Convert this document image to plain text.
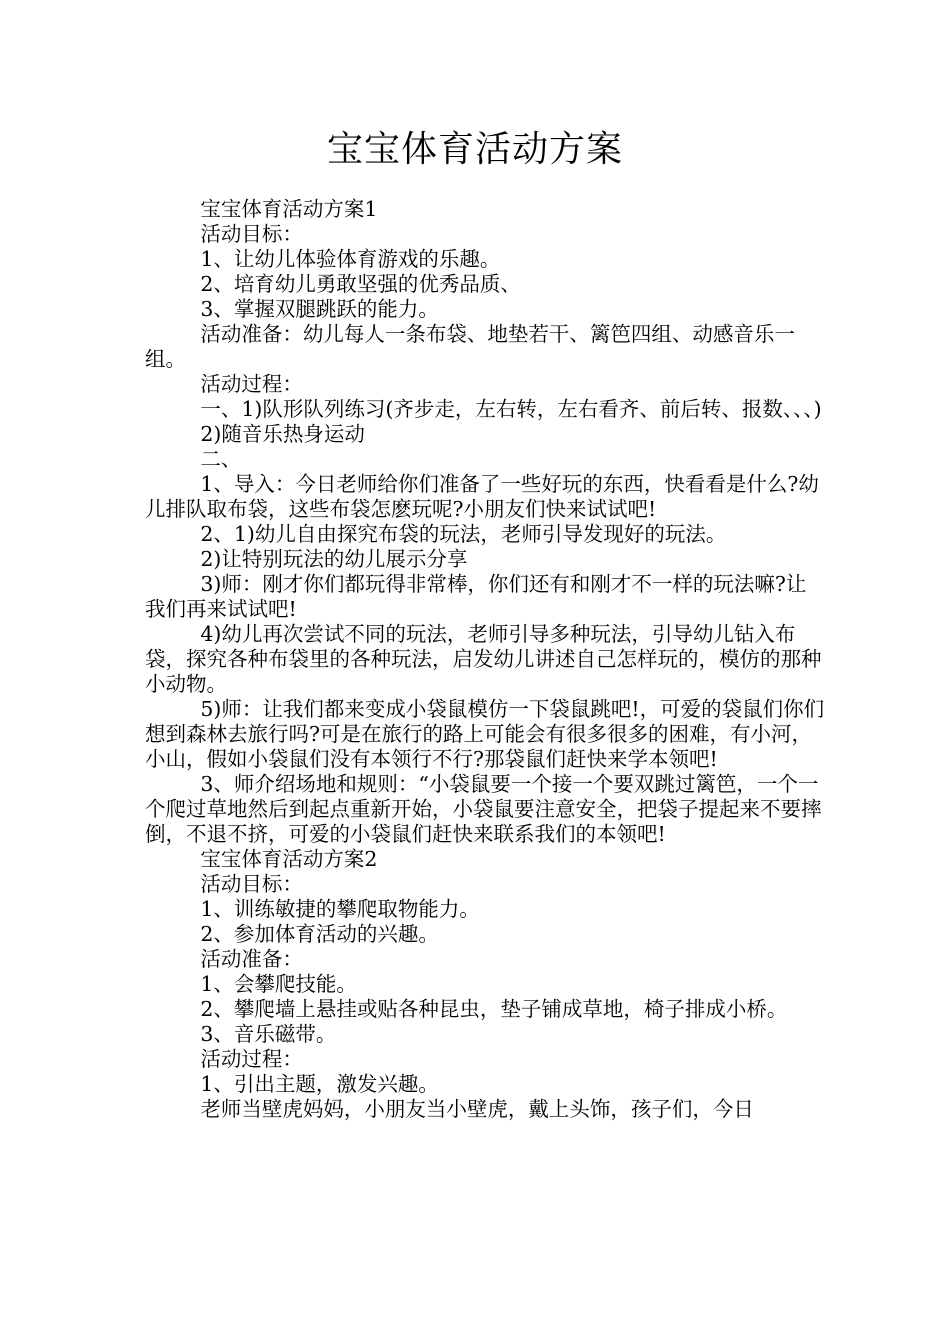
宝宝体育活动方案

宝宝体育活动方案1

活动目标：

1、让幼儿体验体育游戏的乐趣。

2、培育幼儿勇敢坚强的优秀品质、

3、掌握双腿跳跃的能力。

活动准备：幼儿每人一条布袋、地垫若干、篱笆四组、动感音乐一组。

活动过程：

一、1)队形队列练习(齐步走，左右转，左右看齐、前后转、报数、、、)

2)随音乐热身运动

二、

1、导入：今日老师给你们准备了一些好玩的东西，快看看是什么?幼儿排队取布袋，这些布袋怎麽玩呢?小朋友们快来试试吧!

2、1)幼儿自由探究布袋的玩法，老师引导发现好的玩法。

2)让特别玩法的幼儿展示分享

3)师：刚才你们都玩得非常棒，你们还有和刚才不一样的玩法嘛?让我们再来试试吧!

4)幼儿再次尝试不同的玩法，老师引导多种玩法，引导幼儿钻入布袋，探究各种布袋里的各种玩法，启发幼儿讲述自己怎样玩的，模仿的那种小动物。

5)师：让我们都来变成小袋鼠模仿一下袋鼠跳吧!，可爱的袋鼠们你们想到森林去旅行吗?可是在旅行的路上可能会有很多很多的困难，有小河，小山，假如小袋鼠们没有本领行不行?那袋鼠们赶快来学本领吧!

3、师介绍场地和规则：“小袋鼠要一个接一个要双跳过篱笆，一个一个爬过草地然后到起点重新开始，小袋鼠要注意安全，把袋子提起来不要摔倒，不退不挤，可爱的小袋鼠们赶快来联系我们的本领吧!

宝宝体育活动方案2

活动目标：

1、训练敏捷的攀爬取物能力。

2、参加体育活动的兴趣。

活动准备：

1、会攀爬技能。

2、攀爬墙上悬挂或贴各种昆虫，垫子铺成草地，椅子排成小桥。

3、音乐磁带。

活动过程：

1、引出主题，激发兴趣。

老师当壁虎妈妈，小朋友当小壁虎，戴上头饰，孩子们，今日
